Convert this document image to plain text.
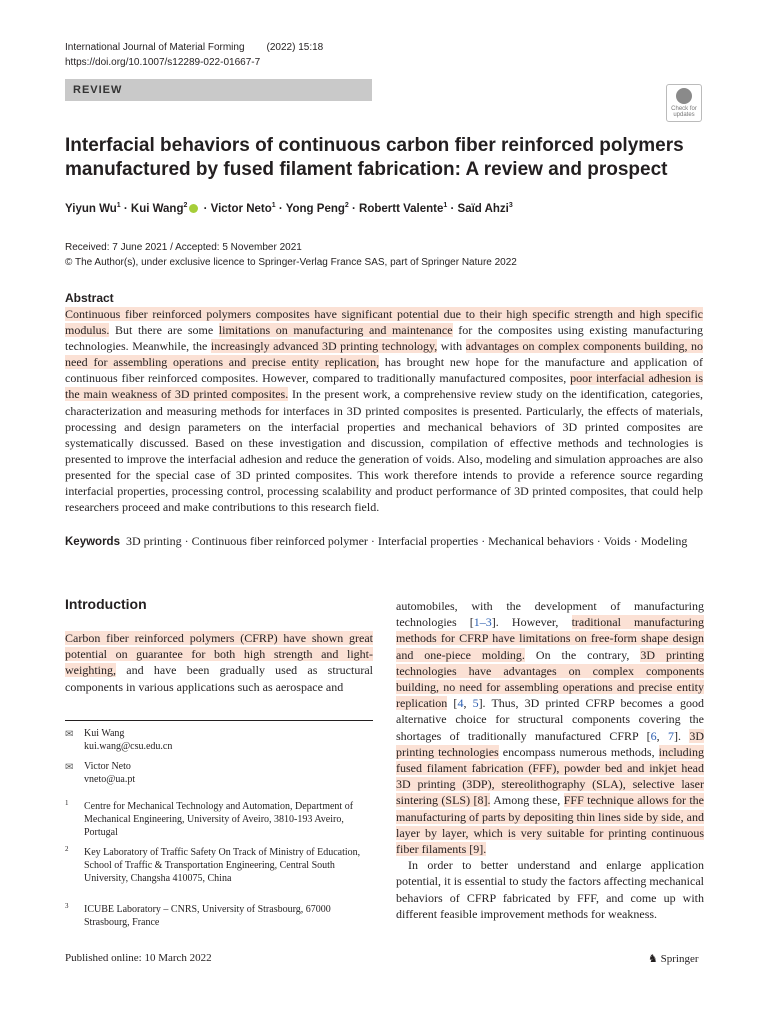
International Journal of Material Forming (2022) 15:18
https://doi.org/10.1007/s12289-022-01667-7
REVIEW
Check for
updates
Interfacial behaviors of continuous carbon fiber reinforced polymers manufactured by fused filament fabrication: A review and prospect
Yiyun $Wu^1$ · Kui Wang$^2$ · Victor Neto$^1$ · Yong Peng$^2$ · Robertt Valente$^1$ · Saïd Ahzi$^3$
Received: 7 June 2021 / Accepted: 5 November 2021
© The Author(s), under exclusive licence to Springer-Verlag France SAS, part of Springer Nature 2022
Abstract
Continuous fiber reinforced polymers composites have significant potential due to their high specific strength and high specific modulus. But there are some limitations on manufacturing and maintenance for the composites using existing manufacturing technologies. Meanwhile, the increasingly advanced 3D printing technology, with advantages on complex components building, no need for assembling operations and precise entity replication, has brought new hope for the manufacture and application of continuous fiber reinforced composites. However, compared to traditionally manufactured composites, poor interfacial adhesion is the main weakness of 3D printed composites. In the present work, a comprehensive review study on the identification, categories, characterization and measuring methods for interfaces in 3D printed composites is presented. Particularly, the effects of materials, processing and design parameters on the interfacial properties and mechanical behaviors of 3D printed composites are systematically discussed. Based on these investigation and discussion, compilation of effective methods and technologies is presented to improve the interfacial adhesion and reduce the generation of voids. Also, modeling and simulation approaches are also presented for the special case of 3D printed composites. This work therefore intends to provide a reference source regarding interfacial properties, processing control, processing scalability and product performance of 3D printed composites, that could help researchers proceed and make contributions to this research field.
Keywords 3D printing · Continuous fiber reinforced polymer · Interfacial properties · Mechanical behaviors · Voids · Modeling
Introduction
Carbon fiber reinforced polymers (CFRP) have shown great potential on guarantee for both high strength and light-weighting, and have been gradually used as structural components in various applications such as aerospace and
✉ Kui Wang
kui.wang@csu.edu.cn
✉ Victor Neto
vneto@ua.pt
1 Centre for Mechanical Technology and Automation, Department of Mechanical Engineering, University of Aveiro, 3810-193 Aveiro, Portugal
2 Key Laboratory of Traffic Safety On Track of Ministry of Education, School of Traffic & Transportation Engineering, Central South University, Changsha 410075, China
3 ICUBE Laboratory – CNRS, University of Strasbourg, 67000 Strasbourg, France
automobiles, with the development of manufacturing technologies [1–3]. However, traditional manufacturing methods for CFRP have limitations on free-form shape design and one-piece molding. On the contrary, 3D printing technologies have advantages on complex components building, no need for assembling operations and precise entity replication [4, 5]. Thus, 3D printed CFRP becomes a good alternative choice for structural components covering the shortages of traditionally manufactured CFRP [6, 7]. 3D printing technologies encompass numerous methods, including fused filament fabrication (FFF), powder bed and inkjet head 3D printing (3DP), stereolithography (SLA), selective laser sintering (SLS) [8]. Among these, FFF technique allows for the manufacturing of parts by depositing thin lines side by side, and layer by layer, which is very suitable for printing continuous fiber filaments [9].
In order to better understand and enlarge application potential, it is essential to study the factors affecting mechanical behaviors of CFRP fabricated by FFF, and come up with different feasible improvement methods for weakness.
Published online: 10 March 2022	♞ Springer
